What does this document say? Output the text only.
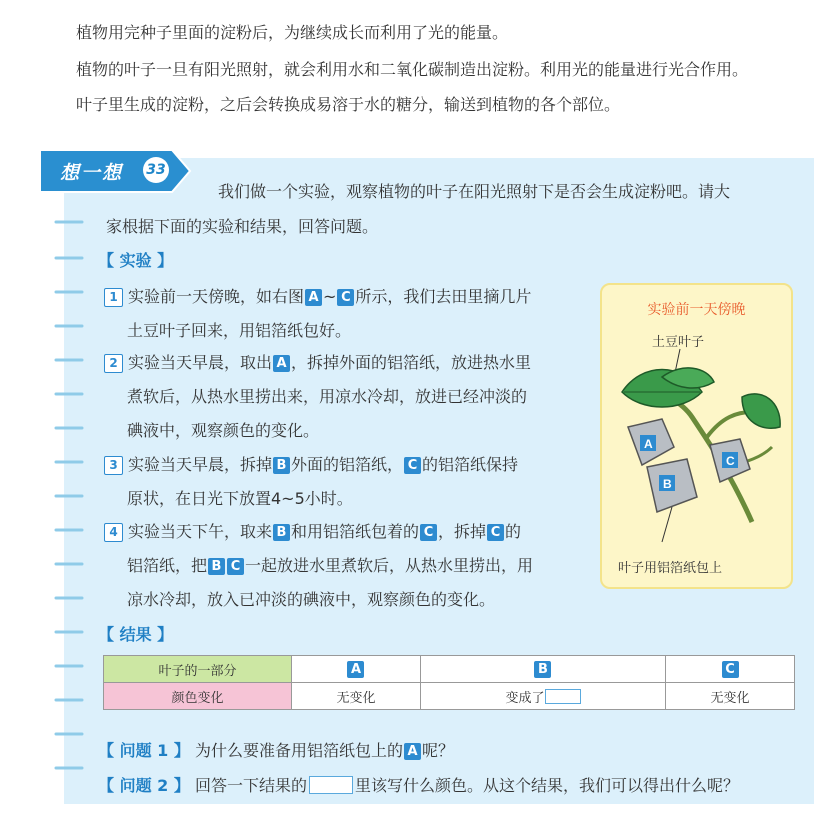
植物用完种子里面的淀粉后，为继续成长而利用了光的能量。
植物的叶子一旦有阳光照射，就会利用水和二氧化碳制造出淀粉。利用光的能量进行光合作用。
叶子里生成的淀粉，之后会转换成易溶于水的糖分，输送到植物的各个部位。
想一想 33
我们做一个实验，观察植物的叶子在阳光照射下是否会生成淀粉吧。请大
家根据下面的实验和结果，回答问题。
【 实验 】
1 实验前一天傍晚，如右图 A ~ C 所示，我们去田里摘几片
土豆叶子回来，用铝箔纸包好。
2 实验当天早晨，取出 A ，拆掉外面的铝箔纸，放进热水里
煮软后，从热水里捞出来，用凉水冷却，放进已经冲淡的
碘液中，观察颜色的变化。
3 实验当天早晨，拆掉 B 外面的铝箔纸， C 的铝箔纸保持
原状，在日光下放置4~5小时。
4 实验当天下午，取来 B 和用铝箔纸包着的 C ，拆掉 C 的
铝箔纸，把 B C 一起放进水里煮软后，从热水里捞出，用
凉水冷却，放入已冲淡的碘液中，观察颜色的变化。
实验前一天傍晚
土豆叶子
A
B
C
叶子用铝箔纸包上
【 结果 】
叶子的一部分	A	B	C
颜色变化	无变化	变成了	无变化
【 问题 1 】 为什么要准备用铝箔纸包上的 A 呢？
【 问题 2 】 回答一下结果的	里该写什么颜色。从这个结果，我们可以得出什么呢？
